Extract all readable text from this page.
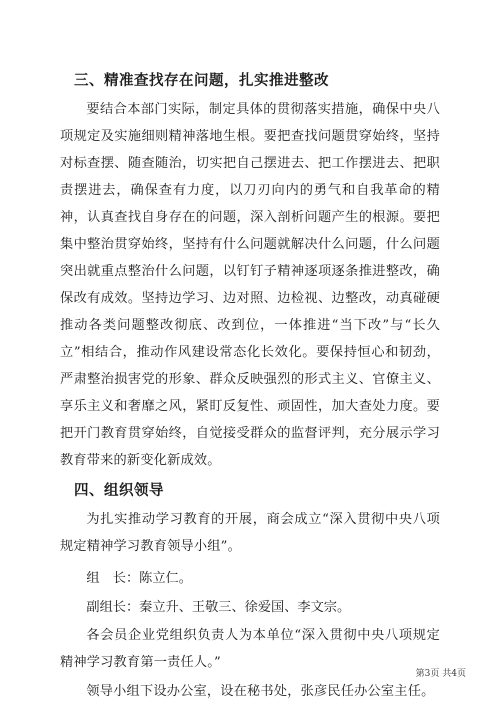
三、精准查找存在问题，扎实推进整改

要结合本部门实际，制定具体的贯彻落实措施，确保中央八项规定及实施细则精神落地生根。要把查找问题贯穿始终，坚持对标查摆、随查随治，切实把自己摆进去、把工作摆进去、把职责摆进去，确保查有力度，以刀刃向内的勇气和自我革命的精神，认真查找自身存在的问题，深入剖析问题产生的根源。要把集中整治贯穿始终，坚持有什么问题就解决什么问题，什么问题突出就重点整治什么问题，以钉钉子精神逐项逐条推进整改，确保改有成效。坚持边学习、边对照、边检视、边整改，动真碰硬推动各类问题整改彻底、改到位，一体推进“当下改”与“长久立”相结合，推动作风建设常态化长效化。要保持恒心和韧劲，严肃整治损害党的形象、群众反映强烈的形式主义、官僚主义、享乐主义和奢靡之风，紧盯反复性、顽固性，加大查处力度。要把开门教育贯穿始终，自觉接受群众的监督评判，充分展示学习教育带来的新变化新成效。

四、组织领导

为扎实推动学习教育的开展，商会成立“深入贯彻中央八项规定精神学习教育领导小组”。

组　长：陈立仁。

副组长：秦立升、王敬三、徐爱国、李文宗。

各会员企业党组织负责人为本单位“深入贯彻中央八项规定精神学习教育第一责任人。”

领导小组下设办公室，设在秘书处，张彦民任办公室主任。

第3页 共4页
